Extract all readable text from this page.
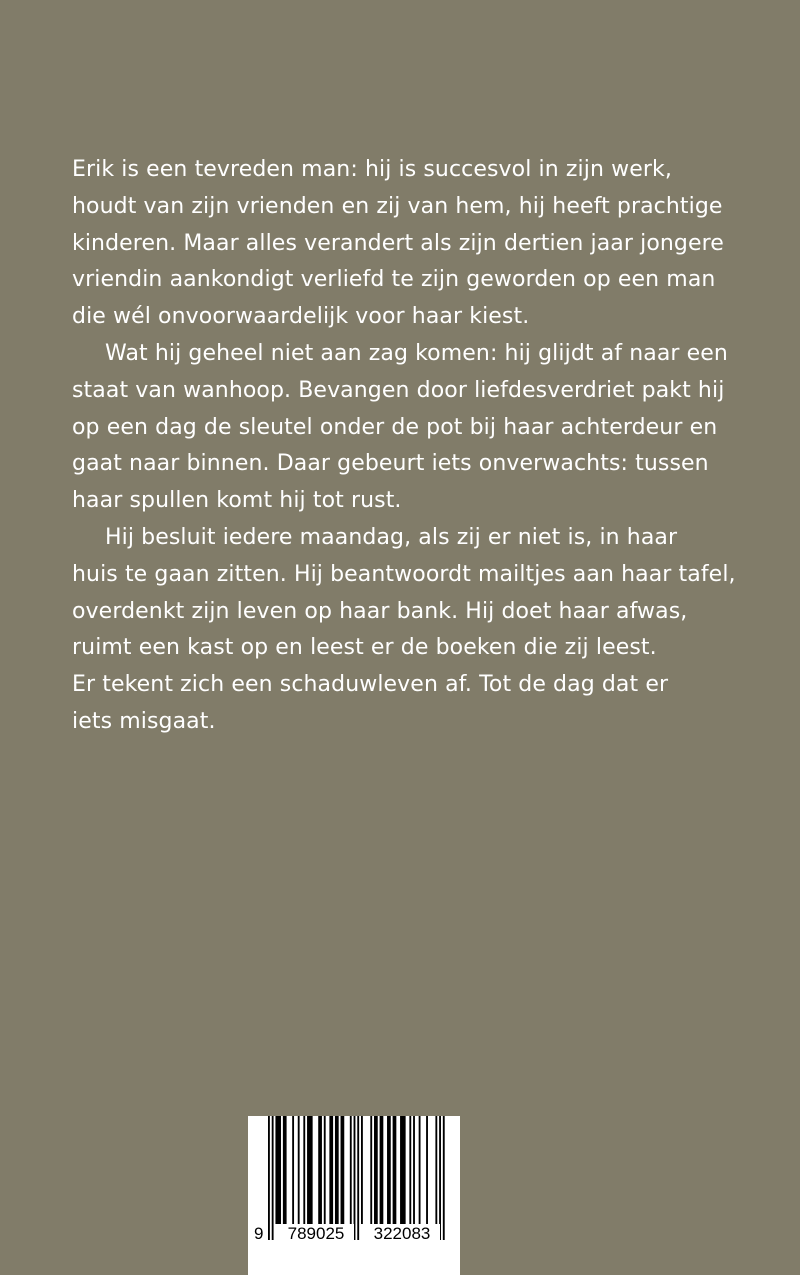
Erik is een tevreden man: hij is succesvol in zijn werk,
houdt van zijn vrienden en zij van hem, hij heeft prachtige
kinderen. Maar alles verandert als zijn dertien jaar jongere
vriendin aankondigt verliefd te zijn geworden op een man
die wél onvoorwaardelijk voor haar kiest.

Wat hij geheel niet aan zag komen: hij glijdt af naar een
staat van wanhoop. Bevangen door liefdesverdriet pakt hij
op een dag de sleutel onder de pot bij haar achterdeur en
gaat naar binnen. Daar gebeurt iets onverwachts: tussen
haar spullen komt hij tot rust.

Hij besluit iedere maandag, als zij er niet is, in haar
huis te gaan zitten. Hij beantwoordt mailtjes aan haar tafel,
overdenkt zijn leven op haar bank. Hij doet haar afwas,
ruimt een kast op en leest er de boeken die zij leest.
Er tekent zich een schaduwleven af. Tot de dag dat er
iets misgaat.

9	789025	322083
